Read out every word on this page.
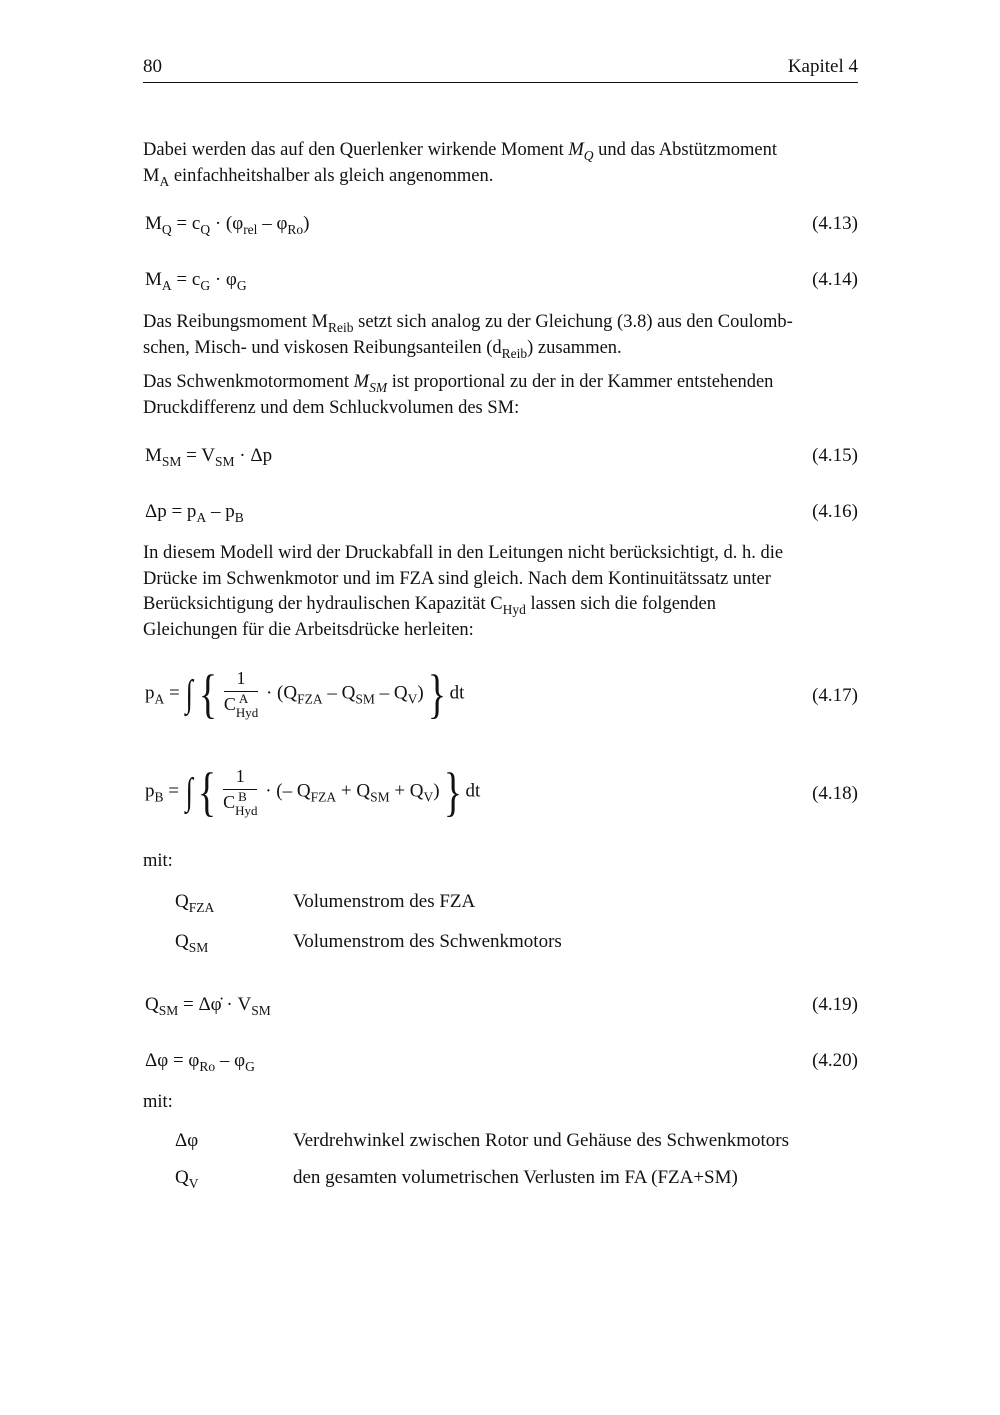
80	Kapitel 4
Dabei werden das auf den Querlenker wirkende Moment $M_Q$ und das Abstützmoment
$M_A$ einfachheitshalber als gleich angenommen.
$M_Q = c_Q \cdot (\varphi_{rel} - \varphi_{Ro})$	(4.13)
$M_A = c_G \cdot \varphi_G$	(4.14)
Das Reibungsmoment $M_{Reib}$ setzt sich analog zu der Gleichung (3.8) aus den Coulomb-
schen, Misch- und viskosen Reibungsanteilen $(d_{Reib})$ zusammen.
Das Schwenkmotormoment $M_{SM}$ ist proportional zu der in der Kammer entstehenden
Druckdifferenz und dem Schluckvolumen des SM:
$M_{SM} = V_{SM} \cdot \Delta p$	(4.15)
$\Delta p = p_A - p_B$	(4.16)
In diesem Modell wird der Druckabfall in den Leitungen nicht berücksichtigt, d. h. die
Drücke im Schwenkmotor und im FZA sind gleich. Nach dem Kontinuitätssatz unter
Berücksichtigung der hydraulischen Kapazität $C_{Hyd}$ lassen sich die folgenden
Gleichungen für die Arbeitsdrücke herleiten:
$p_A$ = ∫ { 1
C A
Hyd · $(Q_{FZA} - Q_{SM} - Q_V)$} dt	(4.17)
$p_B$ = ∫ { 1
C B
Hyd · (– $Q_{FZA} + Q_{SM} + Q_V$)} dt	(4.18)
mit:
$Q_{FZA}$	Volumenstrom des FZA
$Q_{SM}$	Volumenstrom des Schwenkmotors
$Q_{SM}$ = Δφ̇ · $V_{SM}$	(4.19)
$\Delta\varphi = \varphi_{Ro} - \varphi_G$	(4.20)
mit:
Δφ	Verdrehwinkel zwischen Rotor und Gehäuse des Schwenkmotors
$Q_V$	den gesamten volumetrischen Verlusten im FA (FZA+SM)
